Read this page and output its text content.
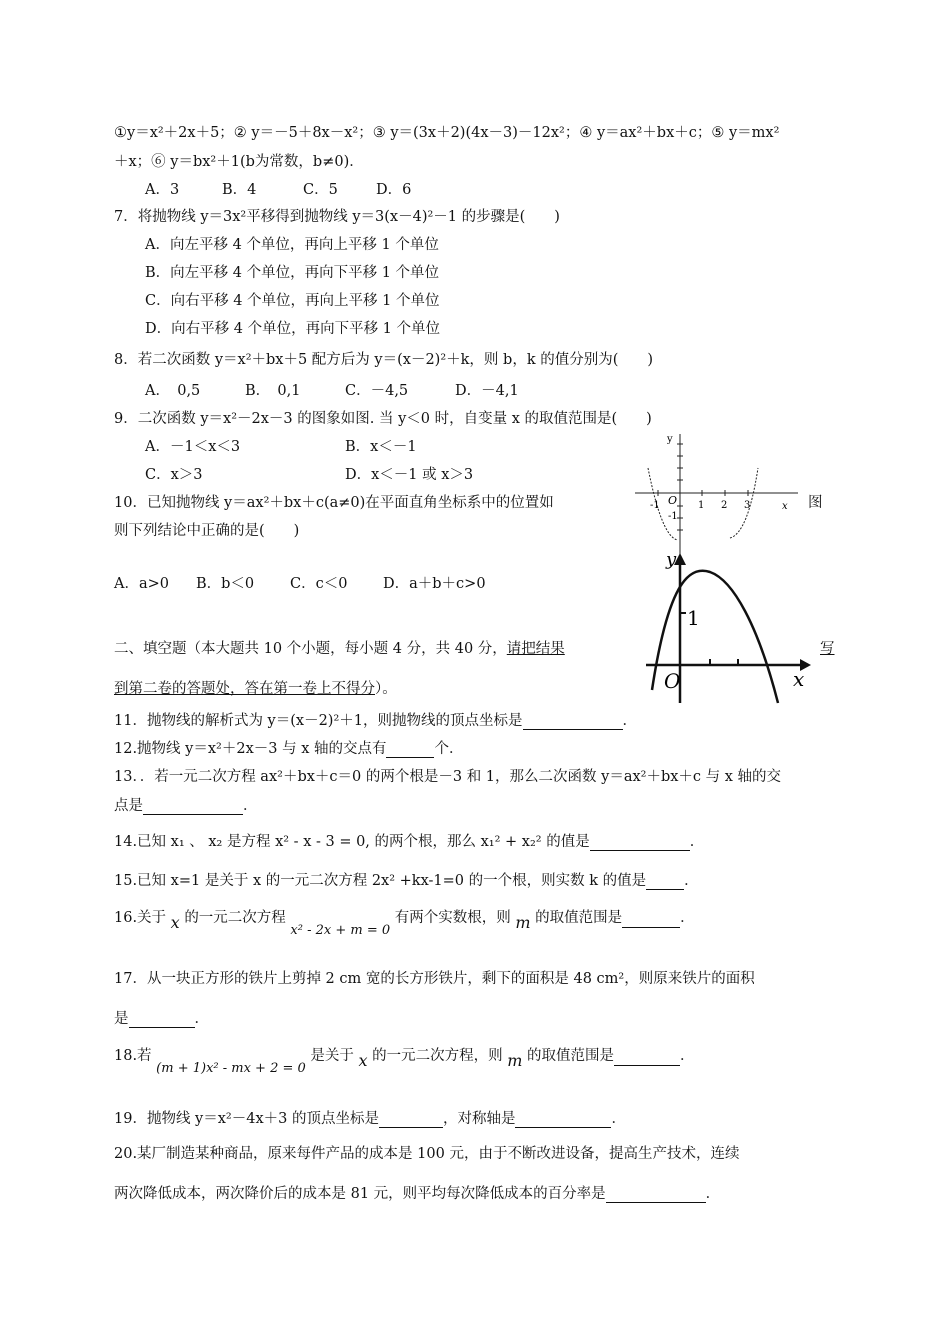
①y＝x²＋2x＋5；② y＝－5＋8x－x²；③ y＝(3x＋2)(4x－3)－12x²；④ y＝ax²＋bx＋c；⑤ y＝mx²
＋x；⑥ y＝bx²＋1(b为常数，b≠0)．
A．3	B．4	C．5	D．6
7．将抛物线 y＝3x²平移得到抛物线 y＝3(x－4)²－1 的步骤是(　　)
A．向左平移 4 个单位，再向上平移 1 个单位
B．向左平移 4 个单位，再向下平移 1 个单位
C．向右平移 4 个单位，再向上平移 1 个单位
D．向右平移 4 个单位，再向下平移 1 个单位
8．若二次函数 y＝x²＋bx＋5 配方后为 y＝(x－2)²＋k，则 b，k 的值分别为(　　)
A．　0,5	B．　0,1	C．－4,5	D．－4,1
9．二次函数 y＝x²－2x－3 的图象如图. 当 y＜0 时，自变量 x 的取值范围是(　　)
A．－1＜x＜3	B．x＜－1
C．x＞3	D．x＜－1 或 x＞3
y
x
-1 O 1 2 3
-1
10．已知抛物线 y＝ax²＋bx＋c(a≠0)在平面直角坐标系中的位置如	图
则下列结论中正确的是(　　)
A．a>0 B．b＜0 C．c＜0 D．a＋b＋c>0
y
x
O
1
二、填空题（本大题共 10 个小题，每小题 4 分，共 40 分，请把结果	写
到第二卷的答题处，答在第一卷上不得分）。
11．抛物线的解析式为 y＝(x－2)²＋1，则抛物线的顶点坐标是	．
12.抛物线 y＝x²＋2x－3 与 x 轴的交点有	个．
13．．若一元二次方程 ax²＋bx＋c＝0 的两个根是－3 和 1，那么二次函数 y＝ax²＋bx＋c 与 x 轴的交
点是	．
14.已知 x₁ 、 x₂ 是方程 x² - x - 3 = 0, 的两个根，那么 x₁² + x₂² 的值是	．
15.已知 x=1 是关于 x 的一元二次方程 2x² +kx-1=0 的一个根，则实数 k 的值是	．
16.关于 x 的一元二次方程 x² - 2x + m = 0 有两个实数根，则 m 的取值范围是	．
17．从一块正方形的铁片上剪掉 2 cm 宽的长方形铁片，剩下的面积是 48 cm²，则原来铁片的面积
是	．
18.若 (m + 1)x² - mx + 2 = 0 是关于 x 的一元二次方程，则 m 的取值范围是	．
19．抛物线 y＝x²－4x＋3 的顶点坐标是	，对称轴是	．
20.某厂制造某种商品，原来每件产品的成本是 100 元，由于不断改进设备，提高生产技术，连续
两次降低成本，两次降价后的成本是 81 元，则平均每次降低成本的百分率是	．
